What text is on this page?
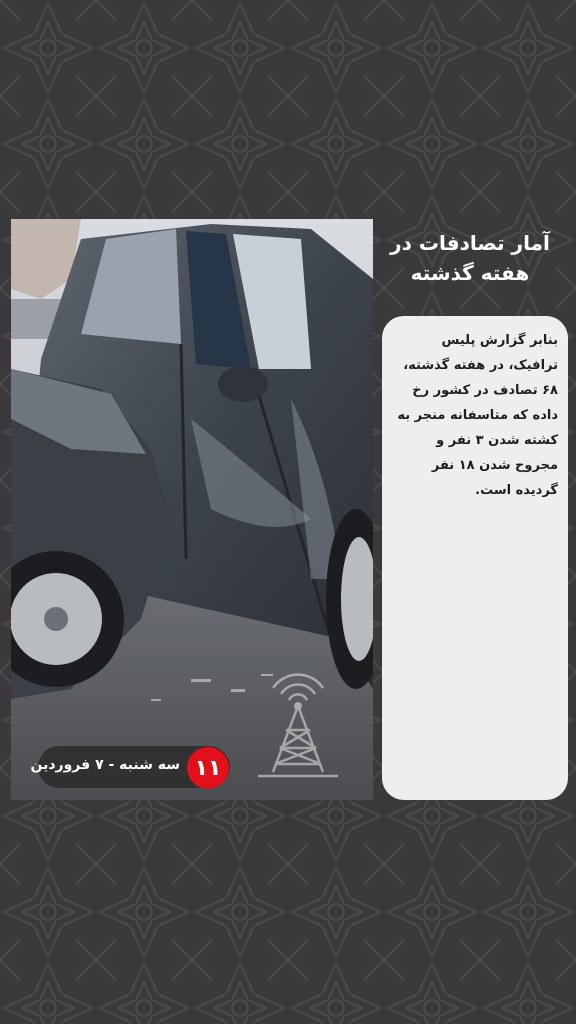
سه شنبه - ۷ فروردین ۱۱
آمار تصادفات در هفته گذشته
بنابر گزارش پلیس ترافیک، در هفته گذشته، ۶۸ تصادف در کشور رخ داده که متاسفانه منجر به کشته شدن ۳ نفر و مجروح شدن ۱۸ نفر گردیده است.
